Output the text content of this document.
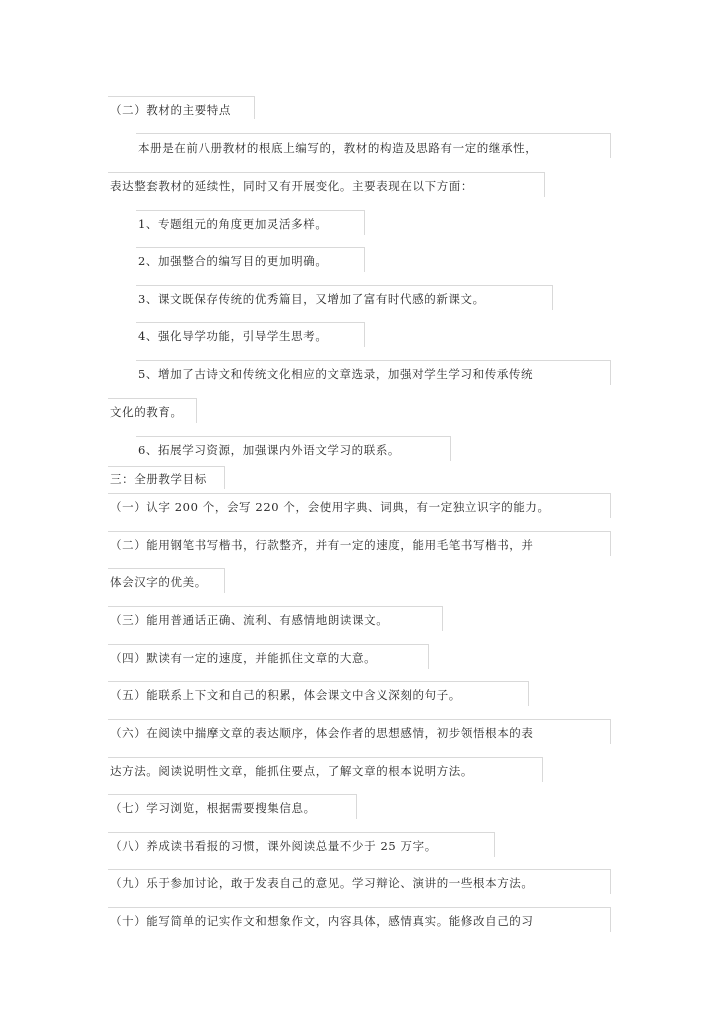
（二）教材的主要特点
本册是在前八册教材的根底上编写的，教材的构造及思路有一定的继承性，
表达整套教材的延续性，同时又有开展变化。主要表现在以下方面：
1、专题组元的角度更加灵活多样。
2、加强整合的编写目的更加明确。
3、课文既保存传统的优秀篇目，又增加了富有时代感的新课文。
4、强化导学功能，引导学生思考。
5、增加了古诗文和传统文化相应的文章选录，加强对学生学习和传承传统
文化的教育。
6、拓展学习资源，加强课内外语文学习的联系。
三：全册教学目标
（一）认字 200 个，会写 220 个，会使用字典、词典，有一定独立识字的能力。
（二）能用钢笔书写楷书，行款整齐，并有一定的速度，能用毛笔书写楷书，并
体会汉字的优美。
（三）能用普通话正确、流利、有感情地朗读课文。
（四）默读有一定的速度，并能抓住文章的大意。
（五）能联系上下文和自己的积累，体会课文中含义深刻的句子。
（六）在阅读中揣摩文章的表达顺序，体会作者的思想感情，初步领悟根本的表
达方法。阅读说明性文章，能抓住要点，了解文章的根本说明方法。
（七）学习浏览，根据需要搜集信息。
（八）养成读书看报的习惯，课外阅读总量不少于 25 万字。
（九）乐于参加讨论，敢于发表自己的意见。学习辩论、演讲的一些根本方法。
（十）能写简单的记实作文和想象作文，内容具体，感情真实。能修改自己的习
